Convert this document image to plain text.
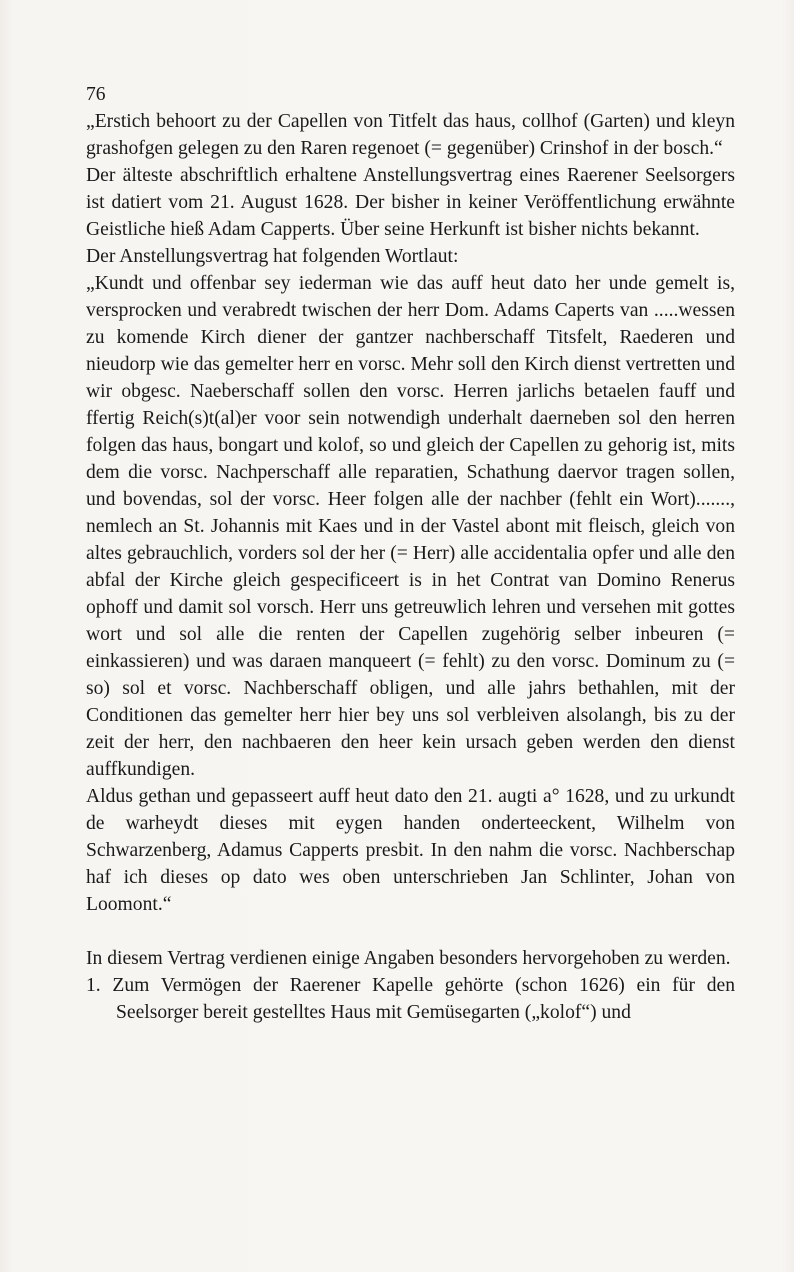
76

„Erstich behoort zu der Capellen von Titfelt das haus, collhof (Garten) und kleyn grashofgen gelegen zu den Raren regenoet (= gegenüber) Crinshof in der bosch.“

Der älteste abschriftlich erhaltene Anstellungsvertrag eines Raerener Seelsorgers ist datiert vom 21. August 1628. Der bisher in keiner Veröffentlichung erwähnte Geistliche hieß Adam Capperts. Über seine Herkunft ist bisher nichts bekannt.

Der Anstellungsvertrag hat folgenden Wortlaut:

„Kundt und offenbar sey iederman wie das auff heut dato her unde gemelt is, versprocken und verabredt twischen der herr Dom. Adams Caperts van .....wessen zu komende Kirch diener der gantzer nachberschaff Titsfelt, Raederen und nieudorp wie das gemelter herr en vorsc. Mehr soll den Kirch dienst vertretten und wir obgesc. Naeberschaff sollen den vorsc. Herren jarlichs betaelen fauff und ffertig Reich(s)t(al)er voor sein notwendigh underhalt daerneben sol den herren folgen das haus, bongart und kolof, so und gleich der Capellen zu gehorig ist, mits dem die vorsc. Nachperschaff alle reparatien, Schathung daervor tragen sollen, und bovendas, sol der vorsc. Heer folgen alle der nachber (fehlt ein Wort)......., nemlech an St. Johannis mit Kaes und in der Vastel abont mit fleisch, gleich von altes gebrauchlich, vorders sol der her (= Herr) alle accidentalia opfer und alle den abfal der Kirche gleich gespecificeert is in het Contrat van Domino Renerus ophoff und damit sol vorsch. Herr uns getreuwlich lehren und versehen mit gottes wort und sol alle die renten der Capellen zugehörig selber inbeuren (= einkassieren) und was daraen manqueert (= fehlt) zu den vorsc. Dominum zu (= so) sol et vorsc. Nachberschaff obligen, und alle jahrs bethahlen, mit der Conditionen das gemelter herr hier bey uns sol verbleiven alsolangh, bis zu der zeit der herr, den nachbaeren den heer kein ursach geben werden den dienst auffkundigen.

Aldus gethan und gepasseert auff heut dato den 21. augti a° 1628, und zu urkundt de warheydt dieses mit eygen handen onderteeckent, Wilhelm von Schwarzenberg, Adamus Capperts presbit. In den nahm die vorsc. Nachberschap haf ich dieses op dato wes oben unterschrieben Jan Schlinter, Johan von Loomont.“

In diesem Vertrag verdienen einige Angaben besonders hervorgehoben zu werden.

1. Zum Vermögen der Raerener Kapelle gehörte (schon 1626) ein für den Seelsorger bereit gestelltes Haus mit Gemüsegarten („kolof“) und
